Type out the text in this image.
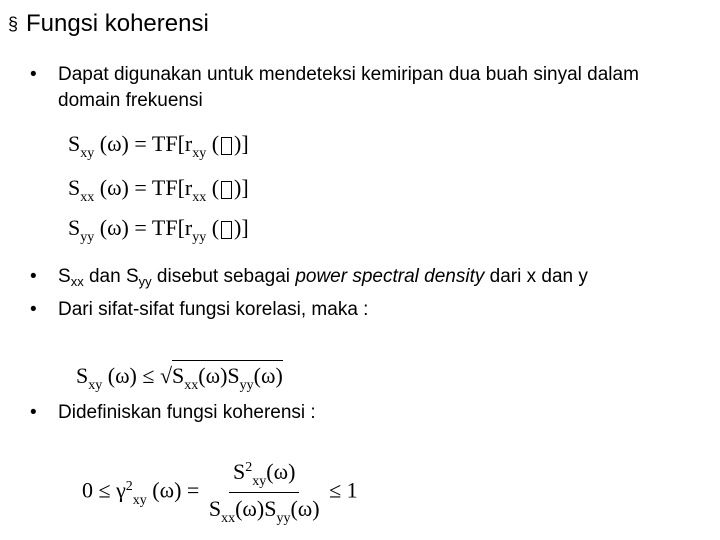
§ Fungsi koherensi
•	Dapat digunakan untuk mendeteksi kemiripan dua buah sinyal dalam domain frekuensi
$S_{xy}$ $(\omega) = TF[r_{xy}$ ( )]
$S_{xx}$ $(\omega) = TF[r_{xx}$ ( )]
$S_{yy}$ $(\omega) = TF[r_{yy}$ ( )]
•	$S_{xx}$ dan $S_{yy}$ disebut sebagai power spectral density dari x dan y
•	Dari sifat-sifat fungsi korelasi, maka :
$S_{xy}$ $(\omega) \le √S_{xx}(\omega)S_{yy}(\omega)$
•	Didefiniskan fungsi koherensi :
$0 \le \gamma^2_{xy}$ $(\omega) = \frac{S^2_{xy}(\omega)}{S_{xx}(\omega)S_{yy}(\omega)} \le 1$
